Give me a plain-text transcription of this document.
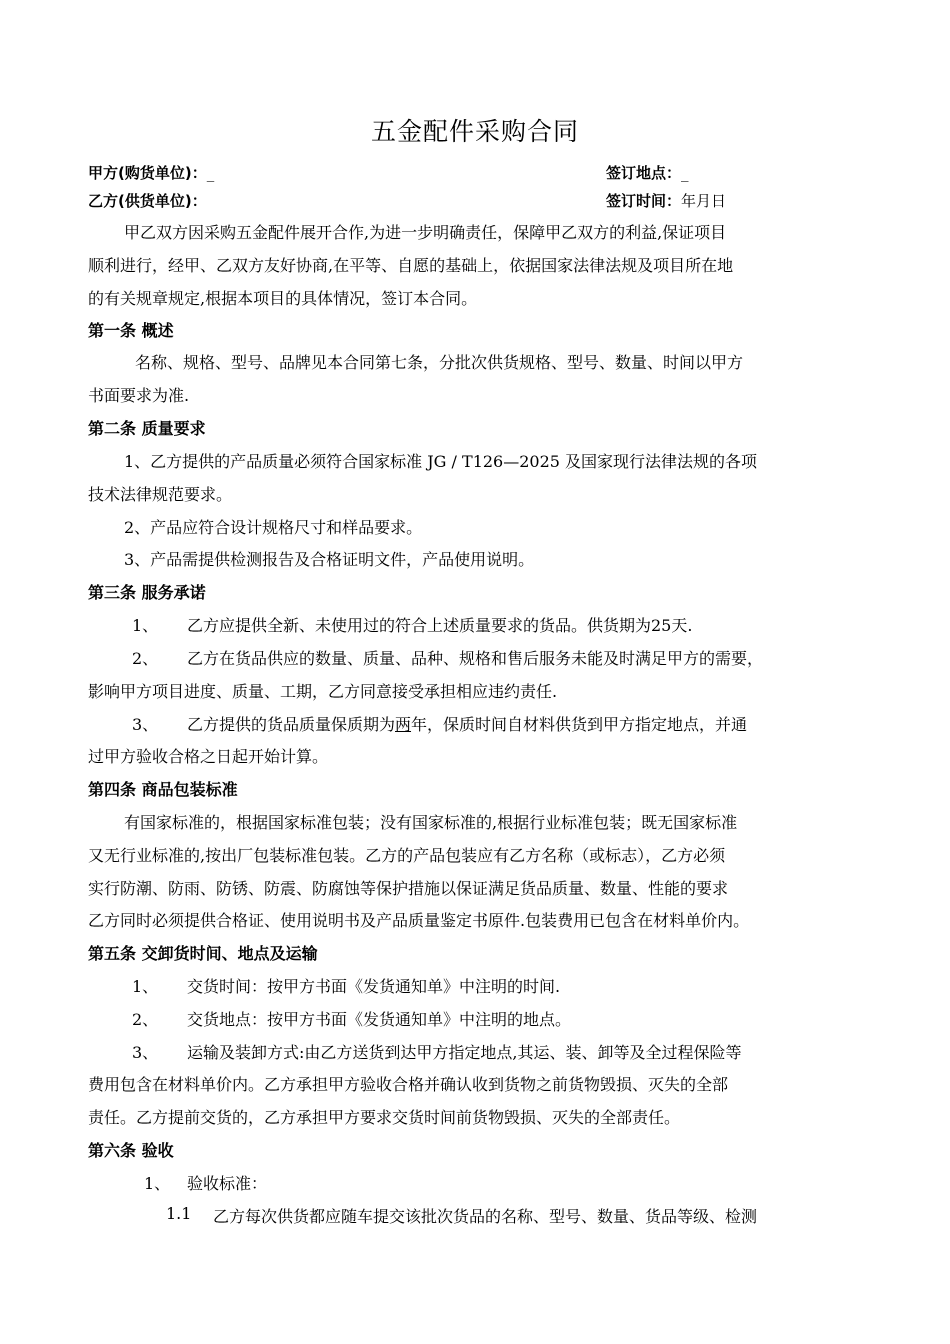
五金配件采购合同
甲方(购货单位)：_	签订地点：_
乙方(供货单位)：	签订时间：年月日
甲乙双方因采购五金配件展开合作,为进一步明确责任，保障甲乙双方的利益,保证项目
顺利进行，经甲、乙双方友好协商,在平等、自愿的基础上，依据国家法律法规及项目所在地
的有关规章规定,根据本项目的具体情况，签订本合同。
第一条 概述
名称、规格、型号、品牌见本合同第七条，分批次供货规格、型号、数量、时间以甲方
书面要求为准.
第二条 质量要求
1、乙方提供的产品质量必须符合国家标准 JG / T126—2025 及国家现行法律法规的各项
技术法律规范要求。
2、产品应符合设计规格尺寸和样品要求。
3、产品需提供检测报告及合格证明文件，产品使用说明。
第三条 服务承诺
1、 乙方应提供全新、未使用过的符合上述质量要求的货品。供货期为25天.
2、 乙方在货品供应的数量、质量、品种、规格和售后服务未能及时满足甲方的需要，
影响甲方项目进度、质量、工期，乙方同意接受承担相应违约责任.
3、 乙方提供的货品质量保质期为两年，保质时间自材料供货到甲方指定地点，并通
过甲方验收合格之日起开始计算。
第四条 商品包装标准
有国家标准的，根据国家标准包装；没有国家标准的,根据行业标准包装；既无国家标准
又无行业标准的,按出厂包装标准包装。乙方的产品包装应有乙方名称（或标志），乙方必须
实行防潮、防雨、防锈、防震、防腐蚀等保护措施以保证满足货品质量、数量、性能的要求
乙方同时必须提供合格证、使用说明书及产品质量鉴定书原件.包装费用已包含在材料单价内。
第五条 交卸货时间、地点及运输
1、 交货时间：按甲方书面《发货通知单》中注明的时间.
2、 交货地点：按甲方书面《发货通知单》中注明的地点。
3、 运输及装卸方式:由乙方送货到达甲方指定地点,其运、装、卸等及全过程保险等
费用包含在材料单价内。乙方承担甲方验收合格并确认收到货物之前货物毁损、灭失的全部
责任。乙方提前交货的，乙方承担甲方要求交货时间前货物毁损、灭失的全部责任。
第六条 验收
1、 验收标准：
1.1 乙方每次供货都应随车提交该批次货品的名称、型号、数量、货品等级、检测
